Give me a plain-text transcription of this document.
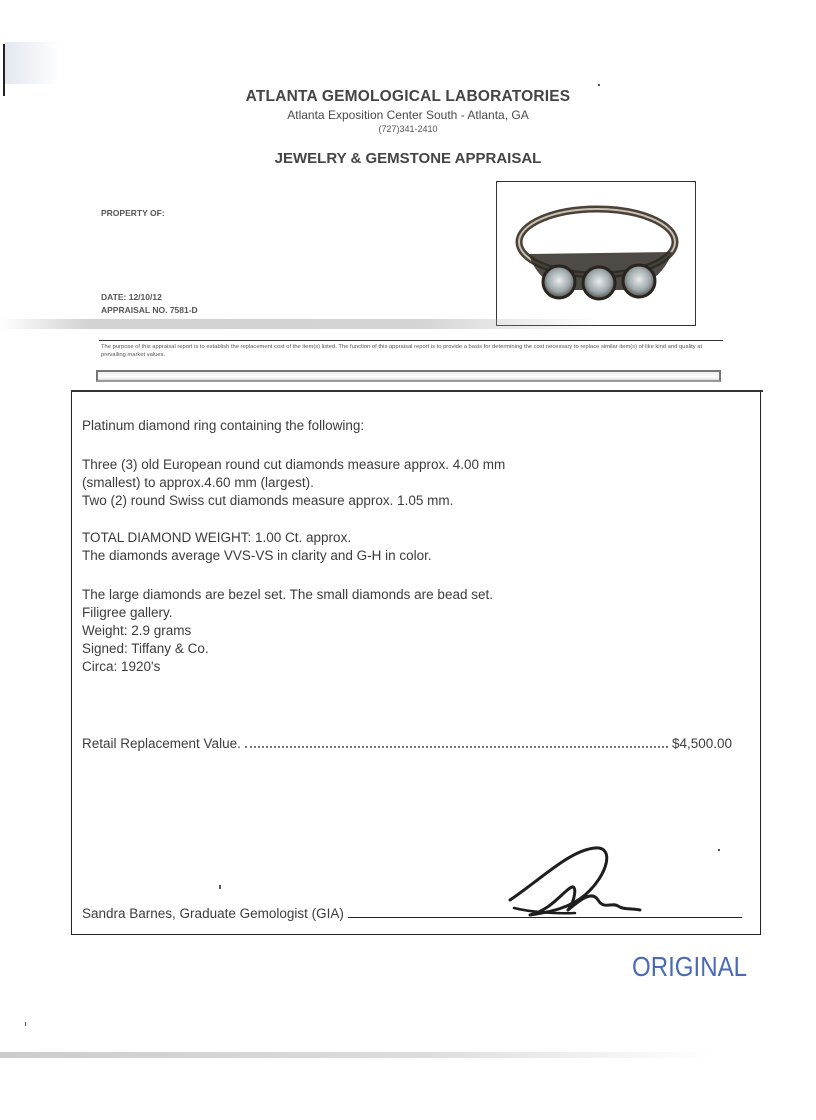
ATLANTA GEMOLOGICAL LABORATORIES
Atlanta Exposition Center South - Atlanta, GA
(727)341-2410
JEWELRY & GEMSTONE APPRAISAL
PROPERTY OF:
DATE: 12/10/12
APPRAISAL NO. 7581-D
The purpose of this appraisal report is to establish the replacement cost of the item(s) listed. The function of this appraisal report is to provide a basis for determining the cost necessary to replace similar item(s) of like kind and quality at prevailing market values.
Platinum diamond ring containing the following:
Three (3) old European round cut diamonds measure approx. 4.00 mm
(smallest) to approx.4.60 mm (largest).
Two (2) round Swiss cut diamonds measure approx. 1.05 mm.
TOTAL DIAMOND WEIGHT: 1.00 Ct. approx.
The diamonds average VVS-VS in clarity and G-H in color.
The large diamonds are bezel set. The small diamonds are bead set.
Filigree gallery.
Weight: 2.9 grams
Signed: Tiffany & Co.
Circa: 1920's
Retail Replacement Value.	$4,500.00
Sandra Barnes, Graduate Gemologist (GIA)
ORIGINAL
